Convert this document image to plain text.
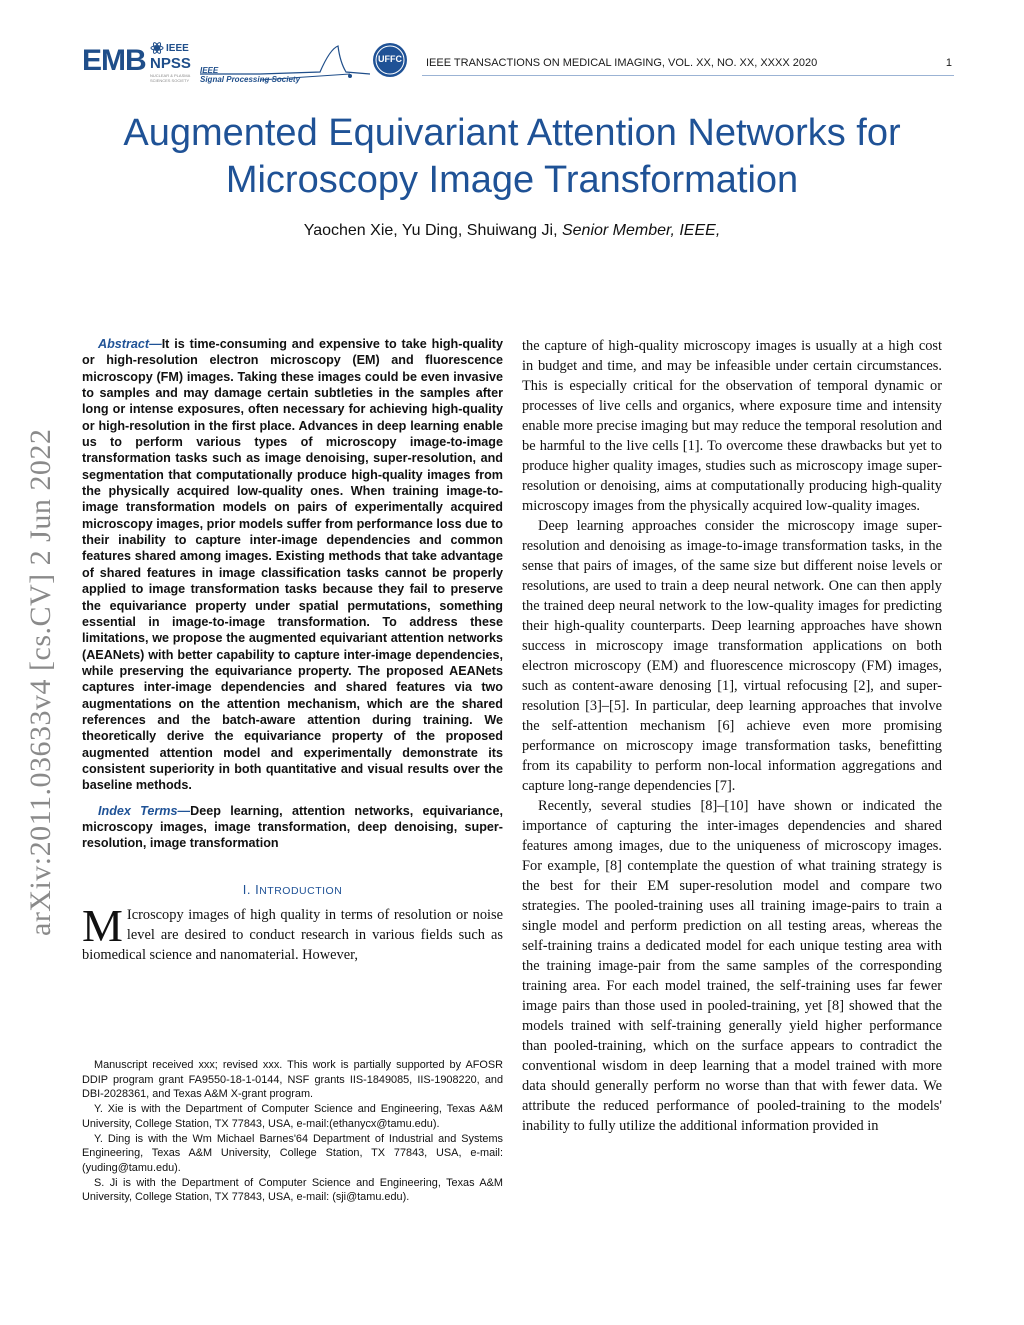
EMB IEEE
NPSS
NUCLEAR & PLASMA SCIENCES SOCIETY
IEEE
Signal Processing Society
UFFC	IEEE TRANSACTIONS ON MEDICAL IMAGING, VOL. XX, NO. XX, XXXX 2020	1
Augmented Equivariant Attention Networks for
Microscopy Image Transformation
Yaochen Xie, Yu Ding, Shuiwang Ji, Senior Member, IEEE,
arXiv:2011.03633v4 [cs.CV] 2 Jun 2022

Abstract—It is time-consuming and expensive to take high-quality or high-resolution electron microscopy (EM) and fluorescence microscopy (FM) images. Taking these images could be even invasive to samples and may damage certain subtleties in the samples after long or intense exposures, often necessary for achieving high-quality or high-resolution in the first place. Advances in deep learning enable us to perform various types of microscopy image-to-image transformation tasks such as image denoising, super-resolution, and segmentation that computationally produce high-quality images from the physically acquired low-quality ones. When training image-to-image transformation models on pairs of experimentally acquired microscopy images, prior models suffer from performance loss due to their inability to capture inter-image dependencies and common features shared among images. Existing methods that take advantage of shared features in image classification tasks cannot be properly applied to image transformation tasks because they fail to preserve the equivariance property under spatial permutations, something essential in image-to-image transformation. To address these limitations, we propose the augmented equivariant attention networks (AEANets) with better capability to capture inter-image dependencies, while preserving the equivariance property. The proposed AEANets captures inter-image dependencies and shared features via two augmentations on the attention mechanism, which are the shared references and the batch-aware attention during training. We theoretically derive the equivariance property of the proposed augmented attention model and experimentally demonstrate its consistent superiority in both quantitative and visual results over the baseline methods.

Index Terms—Deep learning, attention networks, equivariance, microscopy images, image transformation, deep denoising, super-resolution, image transformation

I. INTRODUCTION

M Icroscopy images of high quality in terms of resolution or noise level are desired to conduct research in various fields such as biomedical science and nanomaterial. However,

Manuscript received xxx; revised xxx. This work is partially supported by AFOSR DDIP program grant FA9550-18-1-0144, NSF grants IIS-1849085, IIS-1908220, and DBI-2028361, and Texas A&M X-grant program.

Y. Xie is with the Department of Computer Science and Engineering, Texas A&M University, College Station, TX 77843, USA, e-mail:(ethanycx@tamu.edu).

Y. Ding is with the Wm Michael Barnes'64 Department of Industrial and Systems Engineering, Texas A&M University, College Station, TX 77843, USA, e-mail: (yuding@tamu.edu).

S. Ji is with the Department of Computer Science and Engineering, Texas A&M University, College Station, TX 77843, USA, e-mail: (sji@tamu.edu).

the capture of high-quality microscopy images is usually at a high cost in budget and time, and may be infeasible under certain circumstances. This is especially critical for the observation of temporal dynamic or processes of live cells and organics, where exposure time and intensity enable more precise imaging but may reduce the temporal resolution and be harmful to the live cells [1]. To overcome these drawbacks but yet to produce higher quality images, studies such as microscopy image super-resolution or denoising, aims at computationally producing high-quality microscopy images from the physically acquired low-quality images.

Deep learning approaches consider the microscopy image super-resolution and denoising as image-to-image transformation tasks, in the sense that pairs of images, of the same size but different noise levels or resolutions, are used to train a deep neural network. One can then apply the trained deep neural network to the low-quality images for predicting their high-quality counterparts. Deep learning approaches have shown success in microscopy image transformation applications on both electron microscopy (EM) and fluorescence microscopy (FM) images, such as content-aware denosing [1], virtual refocusing [2], and super-resolution [3]–[5]. In particular, deep learning approaches that involve the self-attention mechanism [6] achieve even more promising performance on microscopy image transformation tasks, benefitting from its capability to perform non-local information aggregations and capture long-range dependencies [7].

Recently, several studies [8]–[10] have shown or indicated the importance of capturing the inter-images dependencies and shared features among images, due to the uniqueness of microscopy images. For example, [8] contemplate the question of what training strategy is the best for their EM super-resolution model and compare two strategies. The pooled-training uses all training image-pairs to train a single model and perform prediction on all testing areas, whereas the self-training trains a dedicated model for each unique testing area with the training image-pair from the same samples of the corresponding training area. For each model trained, the self-training uses far fewer image pairs than those used in pooled-training, yet [8] showed that the models trained with self-training generally yield higher performance than pooled-training, which on the surface appears to contradict the conventional wisdom in deep learning that a model trained with more data should generally perform no worse than that with fewer data. We attribute the reduced performance of pooled-training to the models' inability to fully utilize the additional information provided in
